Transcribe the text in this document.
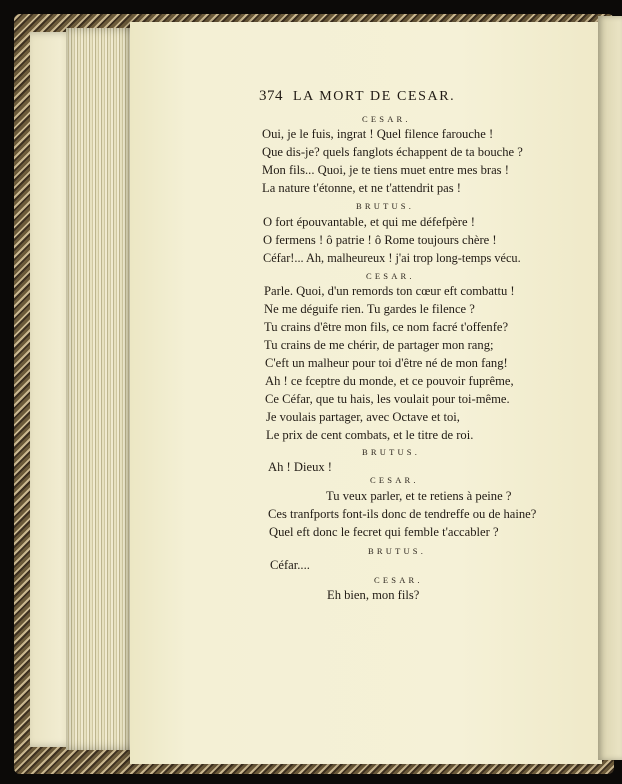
374 LA MORT DE CESAR.
CESAR.
Oui, je le fuis, ingrat ! Quel filence farouche !
Que dis-je? quels fanglots échappent de ta bouche ?
Mon fils... Quoi, je te tiens muet entre mes bras !
La nature t'étonne, et ne t'attendrit pas !
BRUTUS.
O fort épouvantable, et qui me défefpère !
O fermens ! ô patrie ! ô Rome toujours chère !
Céfar!... Ah, malheureux ! j'ai trop long-temps vécu.
CESAR.
Parle. Quoi, d'un remords ton cœur eft combattu !
Ne me déguife rien. Tu gardes le filence ?
Tu crains d'être mon fils, ce nom facré t'offenfe?
Tu crains de me chérir, de partager mon rang;
C'eft un malheur pour toi d'être né de mon fang!
Ah ! ce fceptre du monde, et ce pouvoir fuprême,
Ce Céfar, que tu hais, les voulait pour toi-même.
Je voulais partager, avec Octave et toi,
Le prix de cent combats, et le titre de roi.
BRUTUS.
Ah ! Dieux !
CESAR.
Tu veux parler, et te retiens à peine ?
Ces tranfports font-ils donc de tendreffe ou de haine?
Quel eft donc le fecret qui femble t'accabler ?
BRUTUS.
Céfar....
CESAR.
Eh bien, mon fils?
